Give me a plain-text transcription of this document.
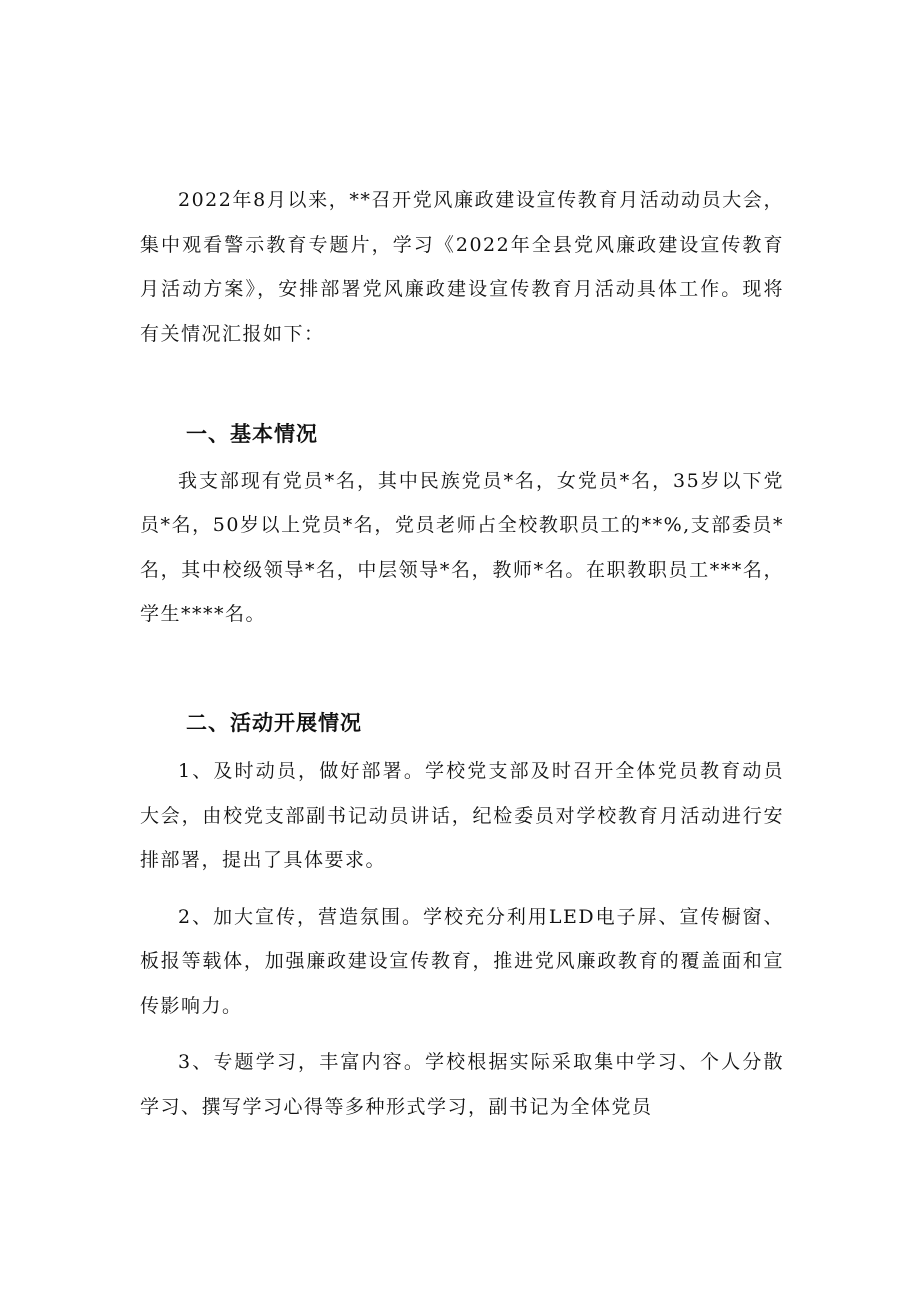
2022年8月以来，**召开党风廉政建设宣传教育月活动动员大会，集中观看警示教育专题片，学习《2022年全县党风廉政建设宣传教育月活动方案》，安排部署党风廉政建设宣传教育月活动具体工作。现将有关情况汇报如下：

一、基本情况

我支部现有党员*名，其中民族党员*名，女党员*名，35岁以下党员*名，50岁以上党员*名，党员老师占全校教职员工的**%,支部委员*名，其中校级领导*名，中层领导*名，教师*名。在职教职员工***名，学生****名。

二、活动开展情况

1、及时动员，做好部署。学校党支部及时召开全体党员教育动员大会，由校党支部副书记动员讲话，纪检委员对学校教育月活动进行安排部署，提出了具体要求。

2、加大宣传，营造氛围。学校充分利用LED电子屏、宣传橱窗、板报等载体，加强廉政建设宣传教育，推进党风廉政教育的覆盖面和宣传影响力。

3、专题学习，丰富内容。学校根据实际采取集中学习、个人分散学习、撰写学习心得等多种形式学习，副书记为全体党员
